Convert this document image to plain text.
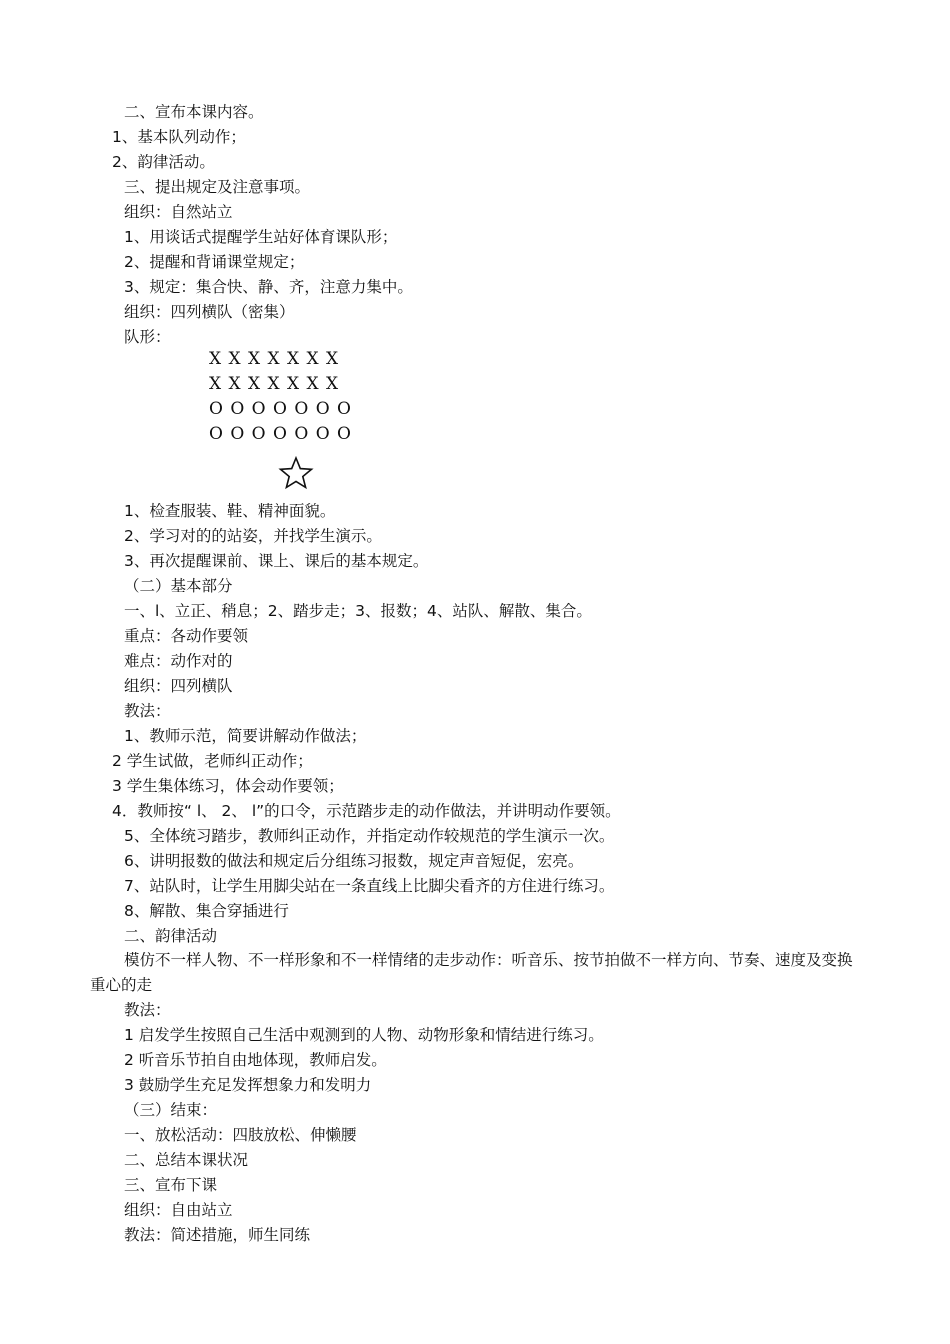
二、宣布本课内容。
1、基本队列动作；
2、韵律活动。
三、提出规定及注意事项。
组织：自然站立
1、用谈话式提醒学生站好体育课队形；
2、提醒和背诵课堂规定；
3、规定：集合快、静、齐，注意力集中。
组织：四列横队（密集）
队形：
X X X X X X X
X X X X X X X
O O O O O O O
O O O O O O O
1、检查服装、鞋、精神面貌。
2、学习对的的站姿，并找学生演示。
3、再次提醒课前、课上、课后的基本规定。
（二）基本部分
一、l、立正、稍息；2、踏步走；3、报数；4、站队、解散、集合。
重点：各动作要领
难点：动作对的
组织：四列横队
教法：
1、教师示范，简要讲解动作做法；
2 学生试做，老师纠正动作；
3 学生集体练习，体会动作要领；
4．教师按“ l、 2、 l”的口令，示范踏步走的动作做法，并讲明动作要领。
5、全体统习踏步，教师纠正动作，并指定动作较规范的学生演示一次。
6、讲明报数的做法和规定后分组练习报数，规定声音短促，宏亮。
7、站队时，让学生用脚尖站在一条直线上比脚尖看齐的方住进行练习。
8、解散、集合穿插进行
二、韵律活动
模仿不一样人物、不一样形象和不一样情绪的走步动作：听音乐、按节拍做不一样方向、节奏、速度及变换重心的走
教法：
1 启发学生按照自己生活中观测到的人物、动物形象和情结进行练习。
2 听音乐节拍自由地体现，教师启发。
3 鼓励学生充足发挥想象力和发明力
（三）结束：
一、放松活动：四肢放松、伸懒腰
二、总结本课状况
三、宣布下课
组织：自由站立
教法：简述措施，师生同练
